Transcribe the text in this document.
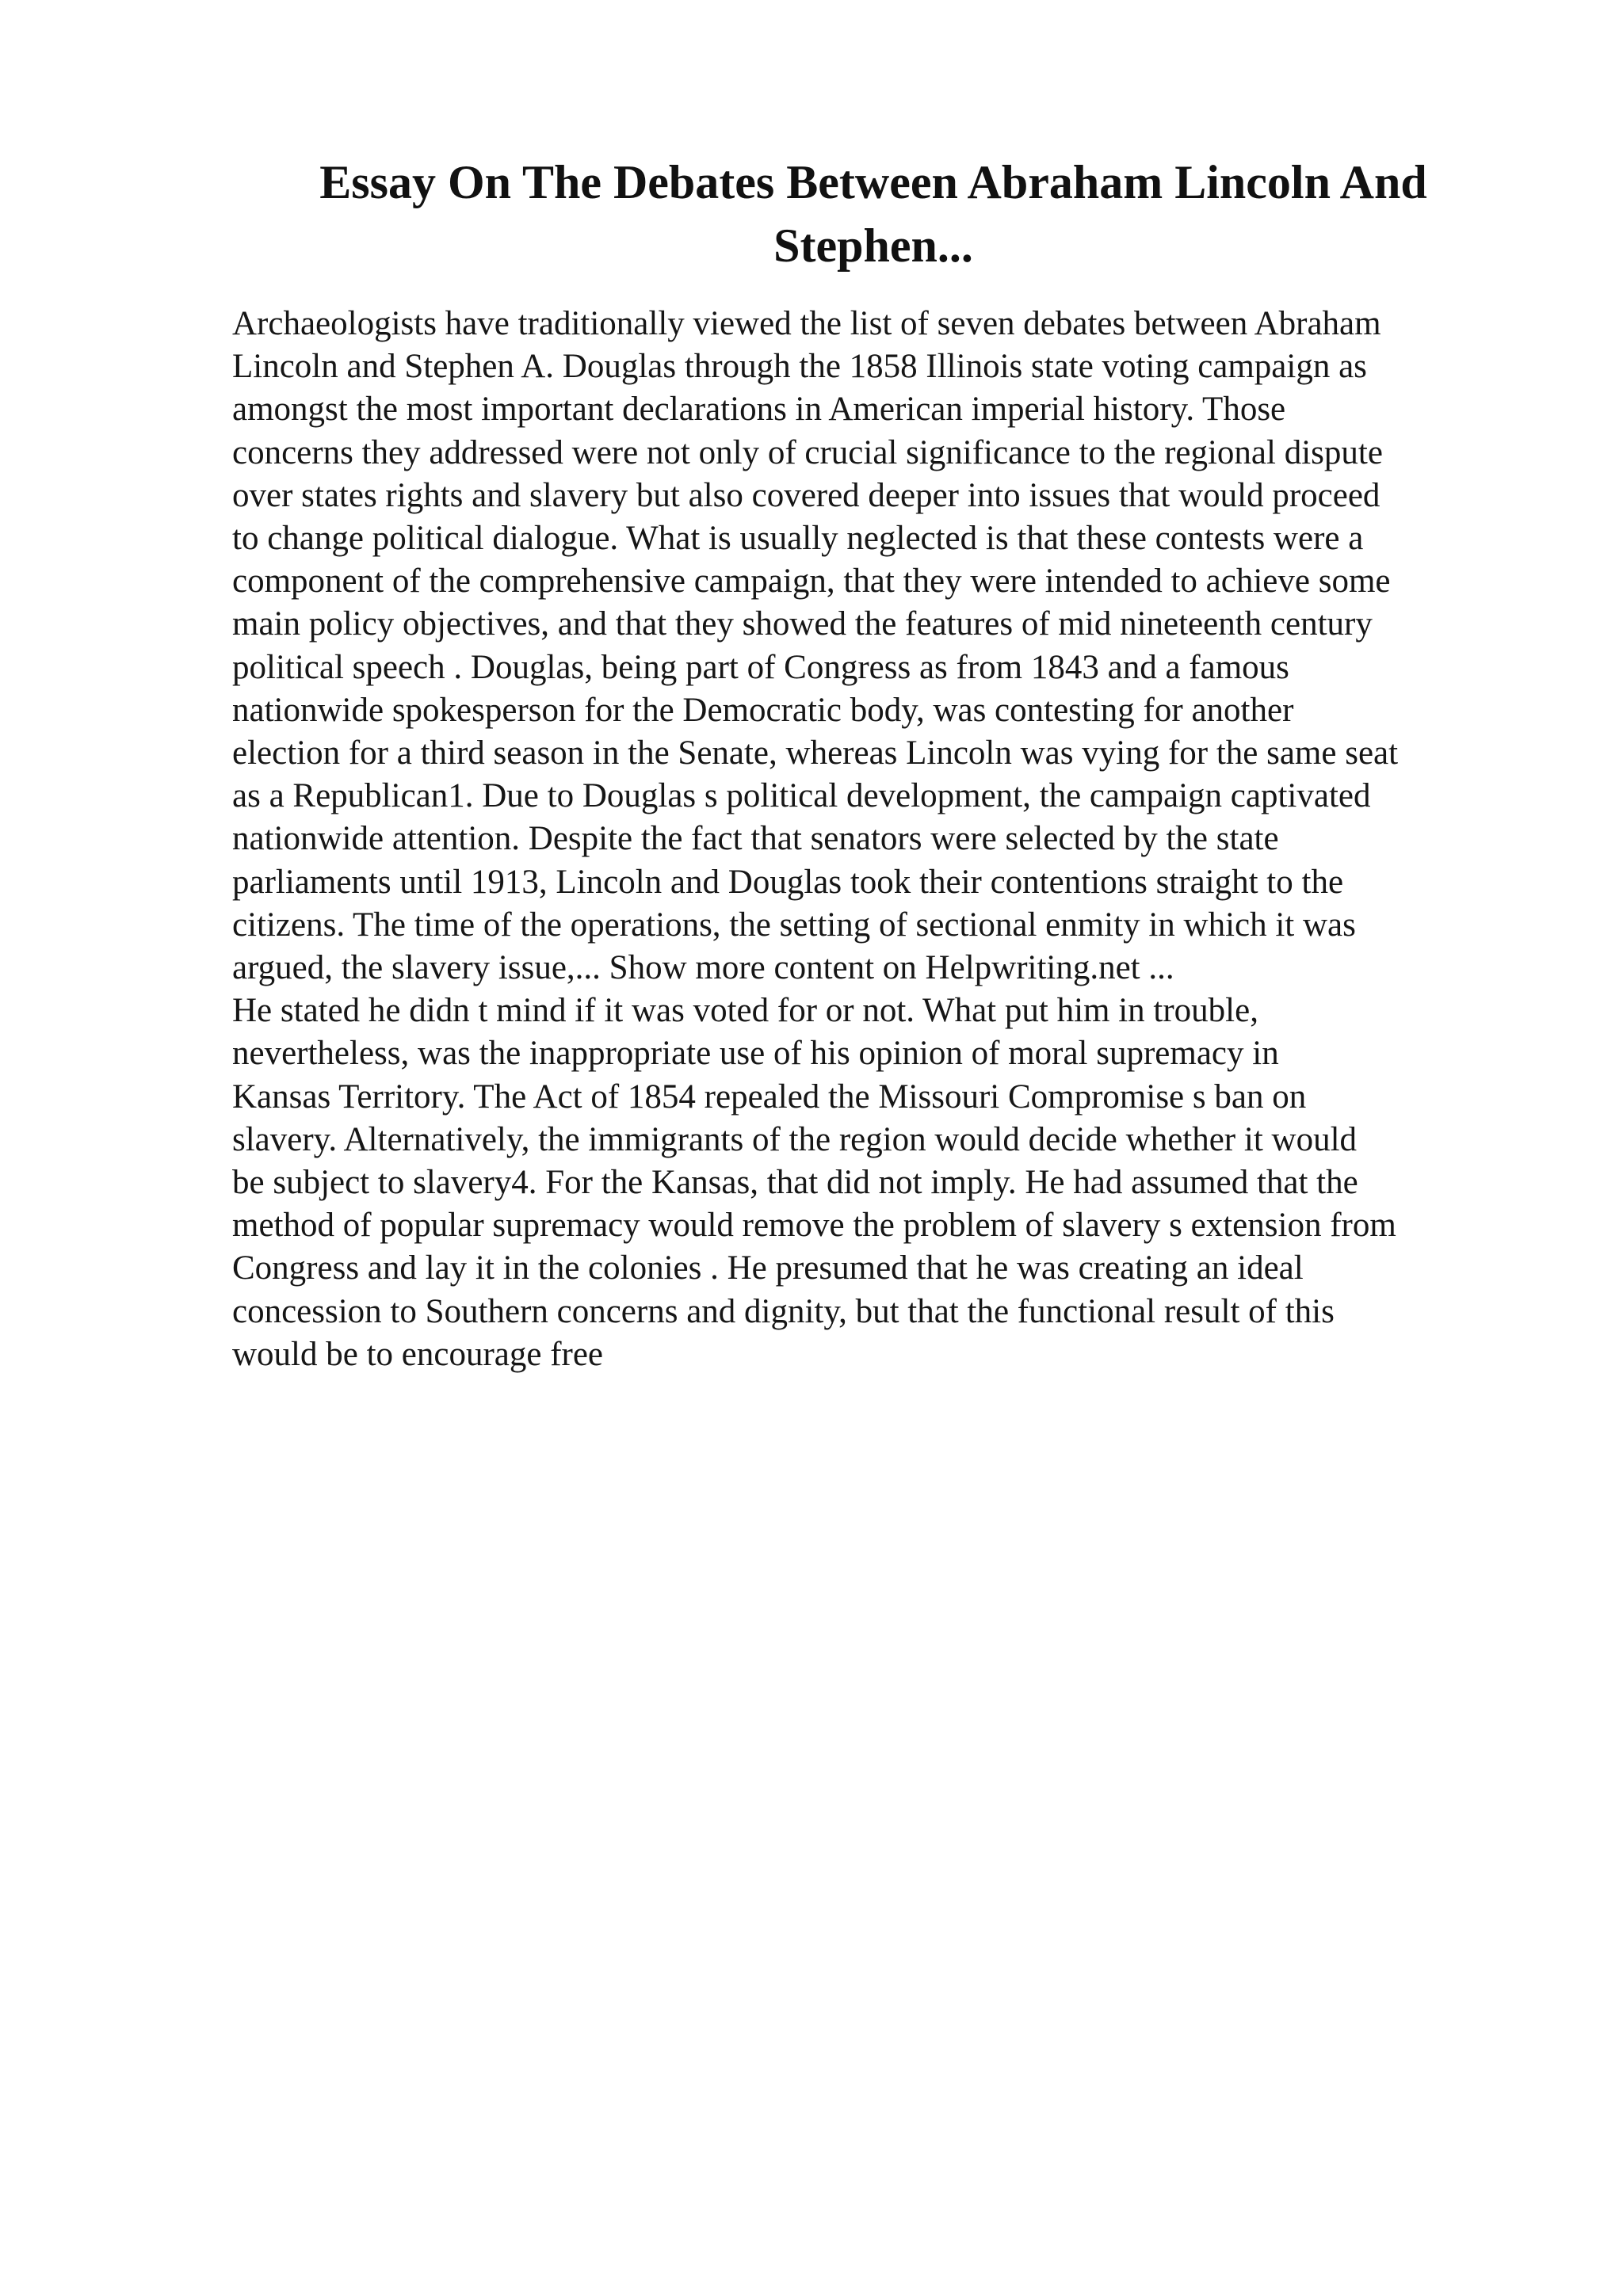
Essay On The Debates Between Abraham Lincoln And
Stephen...
Archaeologists have traditionally viewed the list of seven debates between Abraham
Lincoln and Stephen A. Douglas through the 1858 Illinois state voting campaign as
amongst the most important declarations in American imperial history. Those
concerns they addressed were not only of crucial significance to the regional dispute
over states rights and slavery but also covered deeper into issues that would proceed
to change political dialogue. What is usually neglected is that these contests were a
component of the comprehensive campaign, that they were intended to achieve some
main policy objectives, and that they showed the features of mid nineteenth century
political speech . Douglas, being part of Congress as from 1843 and a famous
nationwide spokesperson for the Democratic body, was contesting for another
election for a third season in the Senate, whereas Lincoln was vying for the same seat
as a Republican1. Due to Douglas s political development, the campaign captivated
nationwide attention. Despite the fact that senators were selected by the state
parliaments until 1913, Lincoln and Douglas took their contentions straight to the
citizens. The time of the operations, the setting of sectional enmity in which it was
argued, the slavery issue,... Show more content on Helpwriting.net ...
He stated he didn t mind if it was voted for or not. What put him in trouble,
nevertheless, was the inappropriate use of his opinion of moral supremacy in
Kansas Territory. The Act of 1854 repealed the Missouri Compromise s ban on
slavery. Alternatively, the immigrants of the region would decide whether it would
be subject to slavery4. For the Kansas, that did not imply. He had assumed that the
method of popular supremacy would remove the problem of slavery s extension from
Congress and lay it in the colonies . He presumed that he was creating an ideal
concession to Southern concerns and dignity, but that the functional result of this
would be to encourage free
